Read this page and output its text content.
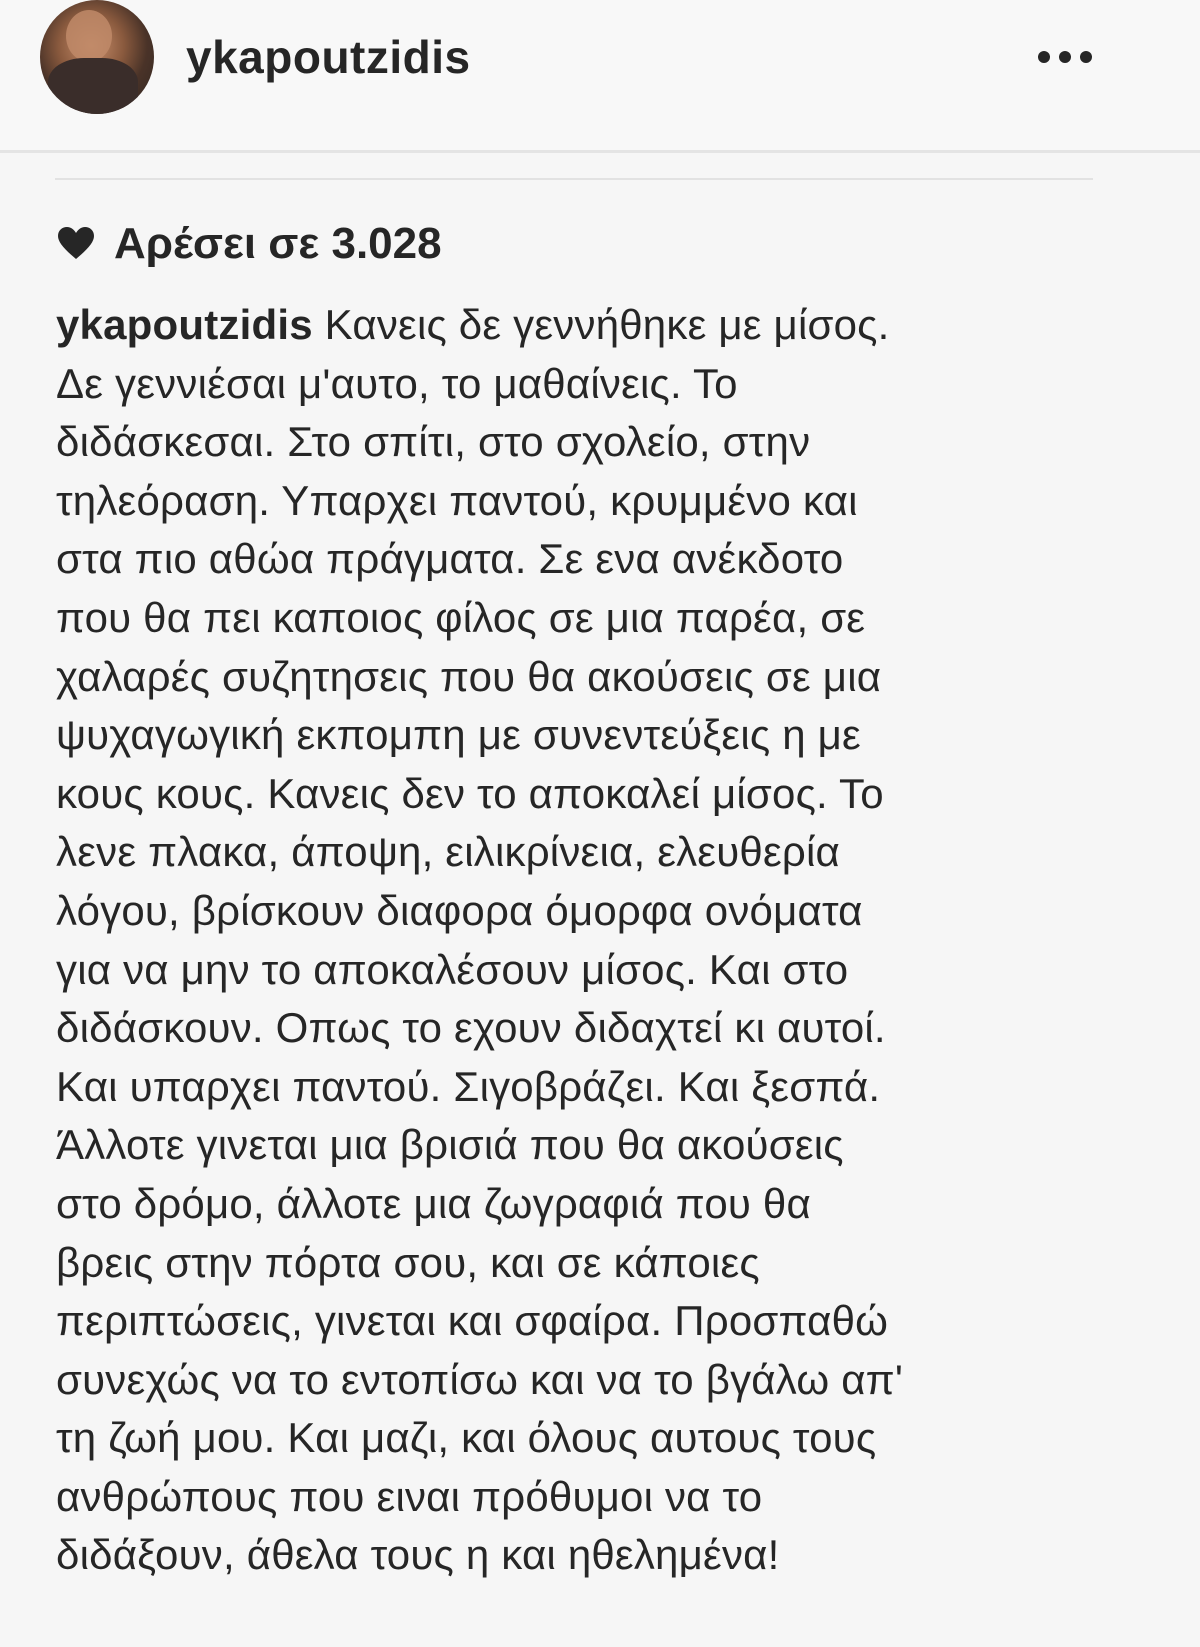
ykapoutzidis
Αρέσει σε 3.028
ykapoutzidis Κανεις δε γεννήθηκε με μίσος.
Δε γεννιέσαι μ'αυτο, το μαθαίνεις. Το
διδάσκεσαι. Στο σπίτι, στο σχολείο, στην
τηλεόραση. Υπαρχει παντού, κρυμμένο και
στα πιο αθώα πράγματα. Σε ενα ανέκδοτο
που θα πει καποιος φίλος σε μια παρέα, σε
χαλαρές συζητησεις που θα ακούσεις σε μια
ψυχαγωγική εκπομπη με συνεντεύξεις η με
κους κους. Κανεις δεν το αποκαλεί μίσος. Το
λενε πλακα, άποψη, ειλικρίνεια, ελευθερία
λόγου, βρίσκουν διαφορα όμορφα ονόματα
για να μην το αποκαλέσουν μίσος. Και στο
διδάσκουν. Οπως το εχουν διδαχτεί κι αυτοί.
Και υπαρχει παντού. Σιγοβράζει. Και ξεσπά.
Άλλοτε γινεται μια βρισιά που θα ακούσεις
στο δρόμο, άλλοτε μια ζωγραφιά που θα
βρεις στην πόρτα σου, και σε κάποιες
περιπτώσεις, γινεται και σφαίρα. Προσπαθώ
συνεχώς να το εντοπίσω και να το βγάλω απ'
τη ζωή μου. Και μαζι, και όλους αυτους τους
ανθρώπους που ειναι πρόθυμοι να το
διδάξουν, άθελα τους η και ηθελημένα!
